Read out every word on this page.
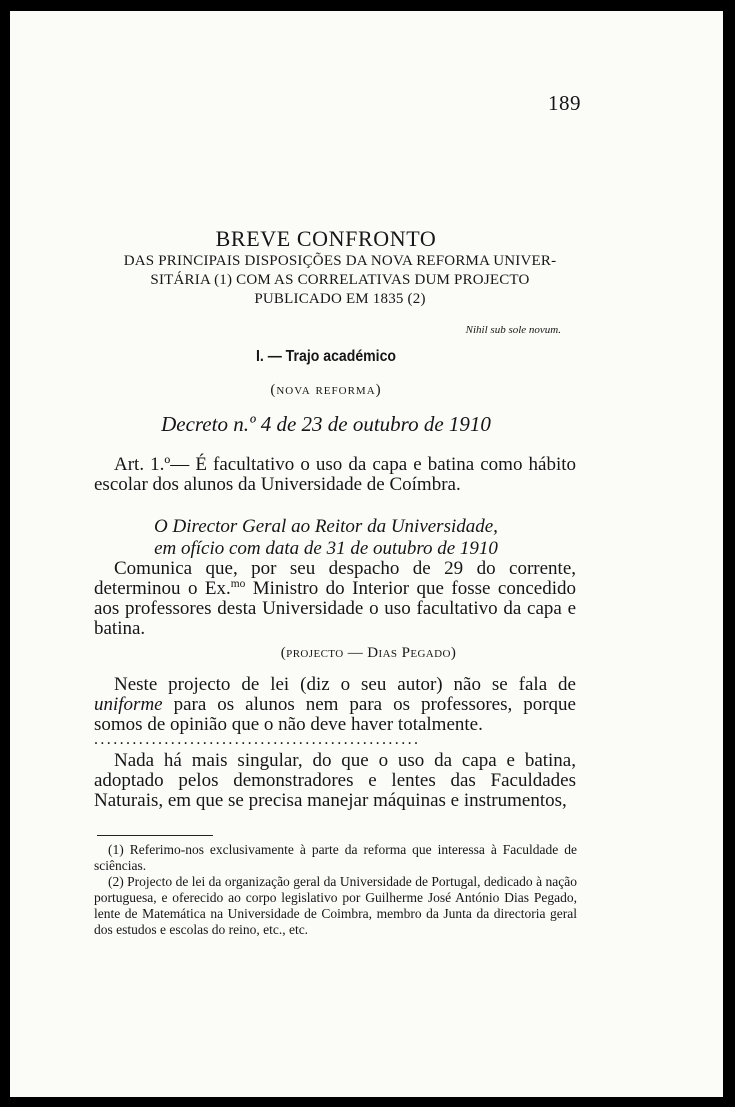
189
BREVE CONFRONTO
DAS PRINCIPAIS DISPOSIÇÕES DA NOVA REFORMA UNIVER-
SITÁRIA (1) COM AS CORRELATIVAS DUM PROJECTO
PUBLICADO EM 1835 (2)
Nihil sub sole novum.
I. — Trajo académico
(nova reforma)
Decreto n.º 4 de 23 de outubro de 1910
Art. 1.º— É facultativo o uso da capa e batina como hábito escolar dos alunos da Universidade de Coímbra.
O Director Geral ao Reitor da Universidade,
em ofício com data de 31 de outubro de 1910
Comunica que, por seu despacho de 29 do corrente, determinou o Ex.$^{mo}$ Ministro do Interior que fosse concedido aos professores desta Universidade o uso facultativo da capa e batina.
(projecto — Dias Pegado)
Neste projecto de lei (diz o seu autor) não se fala de uniforme para os alunos nem para os professores, porque somos de opinião que o não deve haver totalmente.
...................................................
Nada há mais singular, do que o uso da capa e batina, adoptado pelos demonstradores e lentes das Faculdades Naturais, em que se precisa manejar máquinas e instrumentos,

(1) Referimo-nos exclusivamente à parte da reforma que interessa à Faculdade de sciências.

(2) Projecto de lei da organização geral da Universidade de Portugal, dedicado à nação portuguesa, e oferecido ao corpo legislativo por Guilherme José António Dias Pegado, lente de Matemática na Universidade de Coimbra, membro da Junta da directoria geral dos estudos e escolas do reino, etc., etc.
